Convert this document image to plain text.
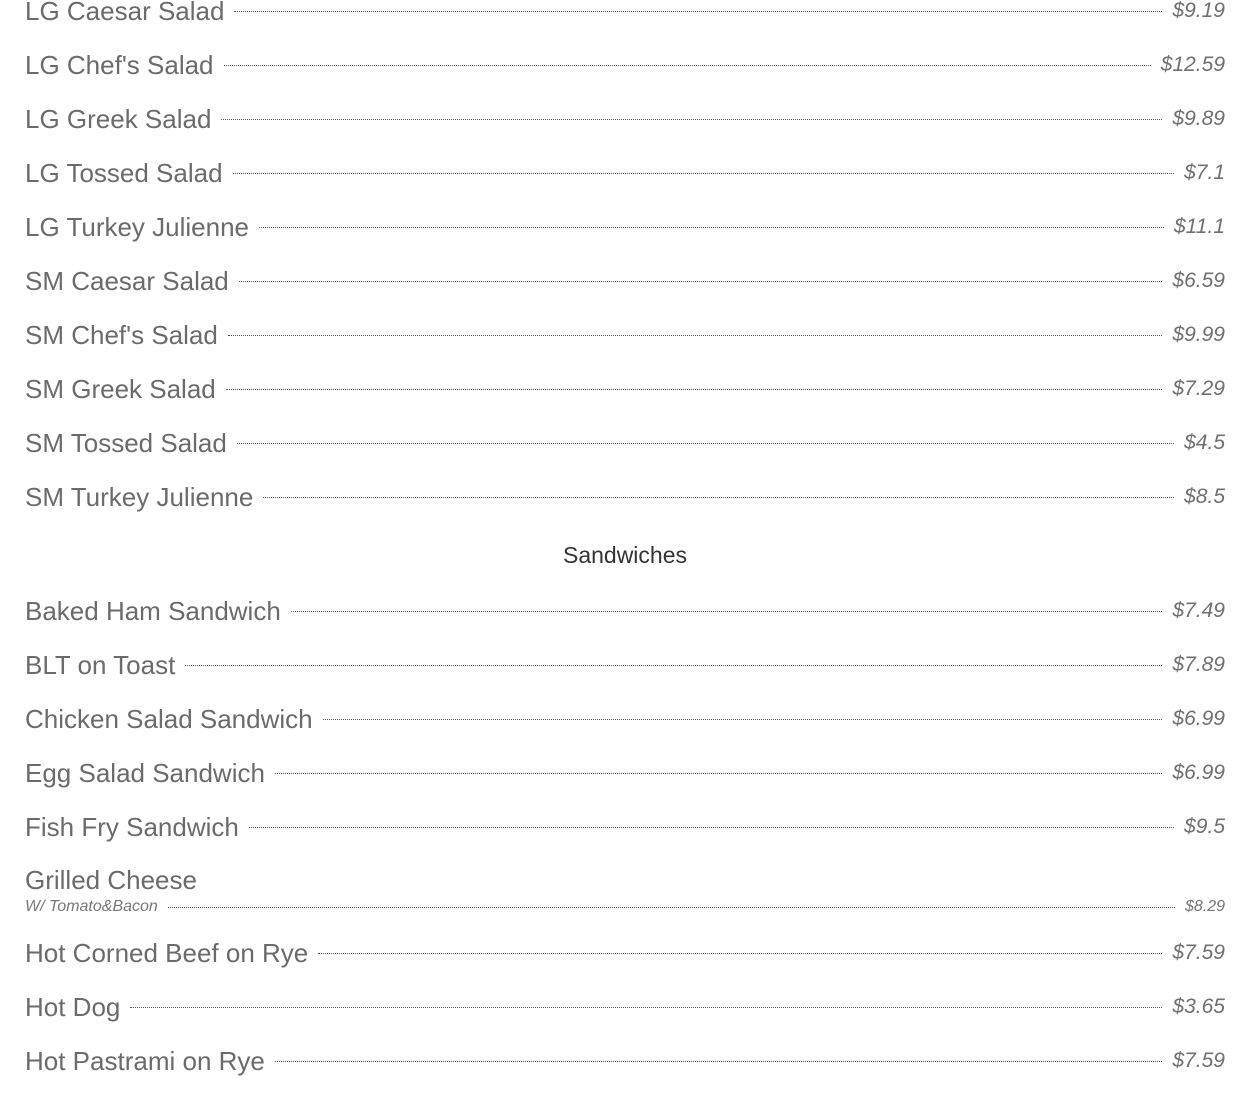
LG Caesar Salad	$9.19
LG Chef's Salad	$12.59
LG Greek Salad	$9.89
LG Tossed Salad	$7.1
LG Turkey Julienne	$11.1
SM Caesar Salad	$6.59
SM Chef's Salad	$9.99
SM Greek Salad	$7.29
SM Tossed Salad	$4.5
SM Turkey Julienne	$8.5
Sandwiches
Baked Ham Sandwich	$7.49
BLT on Toast	$7.89
Chicken Salad Sandwich	$6.99
Egg Salad Sandwich	$6.99
Fish Fry Sandwich	$9.5
Grilled Cheese
W/ Tomato&Bacon	$8.29
Hot Corned Beef on Rye	$7.59
Hot Dog	$3.65
Hot Pastrami on Rye	$7.59
